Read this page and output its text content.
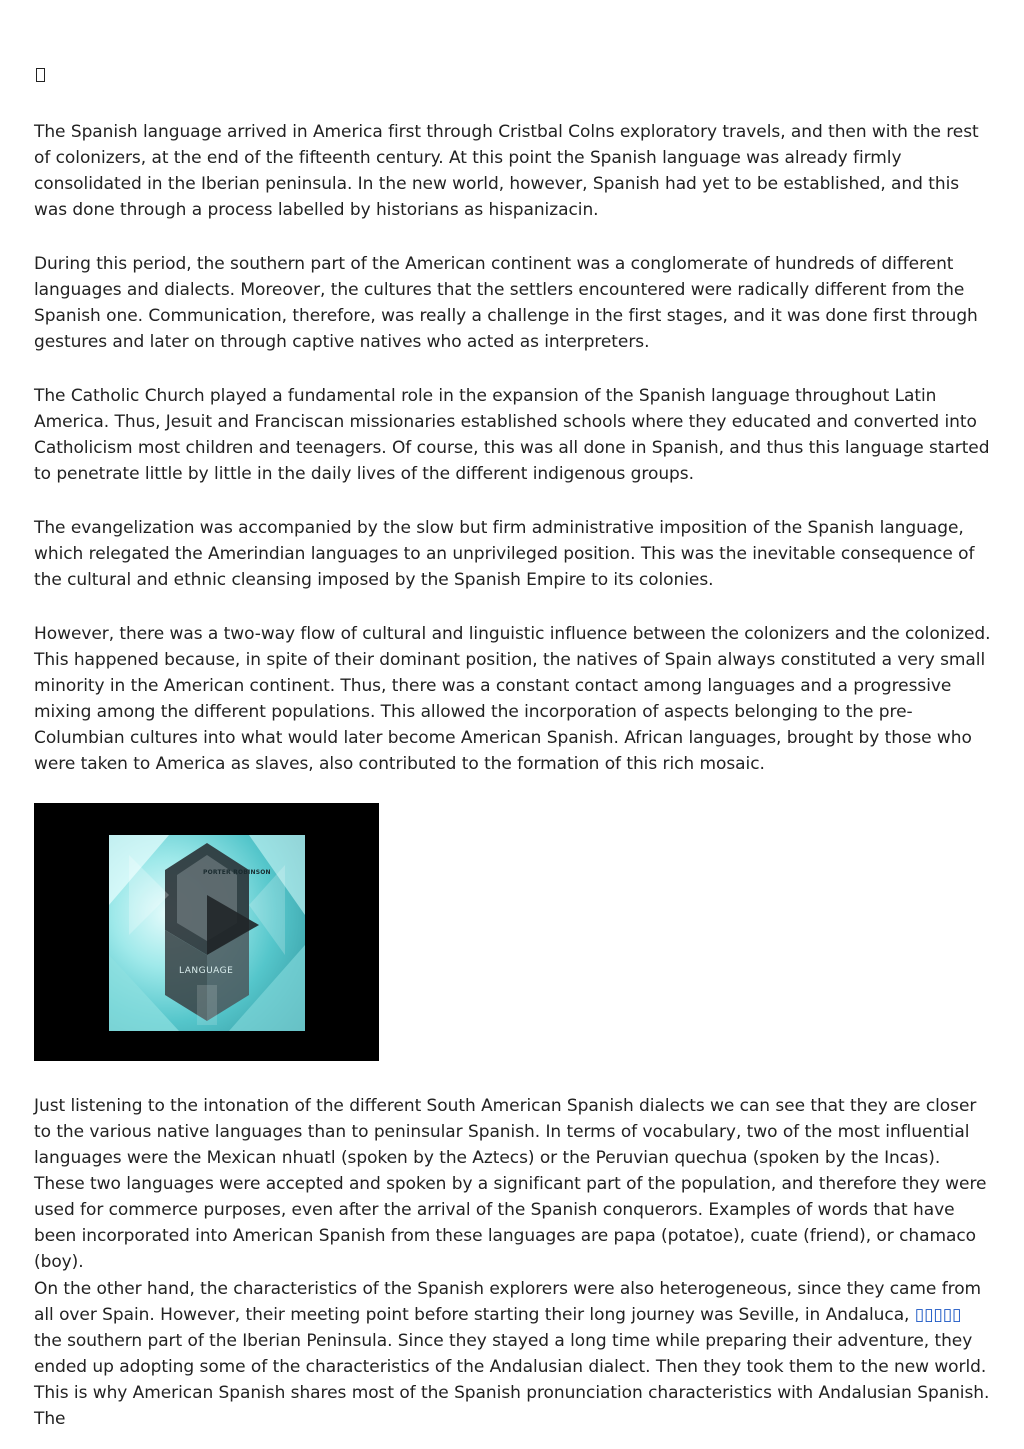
The Spanish language arrived in America first through Cristbal Colns exploratory travels, and then with the rest of colonizers, at the end of the fifteenth century. At this point the Spanish language was already firmly consolidated in the Iberian peninsula. In the new world, however, Spanish had yet to be established, and this was done through a process labelled by historians as hispanizacin.

During this period, the southern part of the American continent was a conglomerate of hundreds of different languages and dialects. Moreover, the cultures that the settlers encountered were radically different from the Spanish one. Communication, therefore, was really a challenge in the first stages, and it was done first through gestures and later on through captive natives who acted as interpreters.

The Catholic Church played a fundamental role in the expansion of the Spanish language throughout Latin America. Thus, Jesuit and Franciscan missionaries established schools where they educated and converted into Catholicism most children and teenagers. Of course, this was all done in Spanish, and thus this language started to penetrate little by little in the daily lives of the different indigenous groups.

The evangelization was accompanied by the slow but firm administrative imposition of the Spanish language, which relegated the Amerindian languages to an unprivileged position. This was the inevitable consequence of the cultural and ethnic cleansing imposed by the Spanish Empire to its colonies.

However, there was a two-way flow of cultural and linguistic influence between the colonizers and the colonized. This happened because, in spite of their dominant position, the natives of Spain always constituted a very small minority in the American continent. Thus, there was a constant contact among languages and a progressive mixing among the different populations. This allowed the incorporation of aspects belonging to the pre-Columbian cultures into what would later become American Spanish. African languages, brought by those who were taken to America as slaves, also contributed to the formation of this rich mosaic.

PORTER ROBINSON
LANGUAGE

Just listening to the intonation of the different South American Spanish dialects we can see that they are closer to the various native languages than to peninsular Spanish. In terms of vocabulary, two of the most influential languages were the Mexican nhuatl (spoken by the Aztecs) or the Peruvian quechua (spoken by the Incas). These two languages were accepted and spoken by a significant part of the population, and therefore they were used for commerce purposes, even after the arrival of the Spanish conquerors. Examples of words that have been incorporated into American Spanish from these languages are papa (potatoe), cuate (friend), or chamaco (boy).

On the other hand, the characteristics of the Spanish explorers were also heterogeneous, since they came from all over Spain. However, their meeting point before starting their long journey was Seville, in Andaluca, ▯▯▯▯▯ the southern part of the Iberian Peninsula. Since they stayed a long time while preparing their adventure, they ended up adopting some of the characteristics of the Andalusian dialect. Then they took them to the new world. This is why American Spanish shares most of the Spanish pronunciation characteristics with Andalusian Spanish. The
